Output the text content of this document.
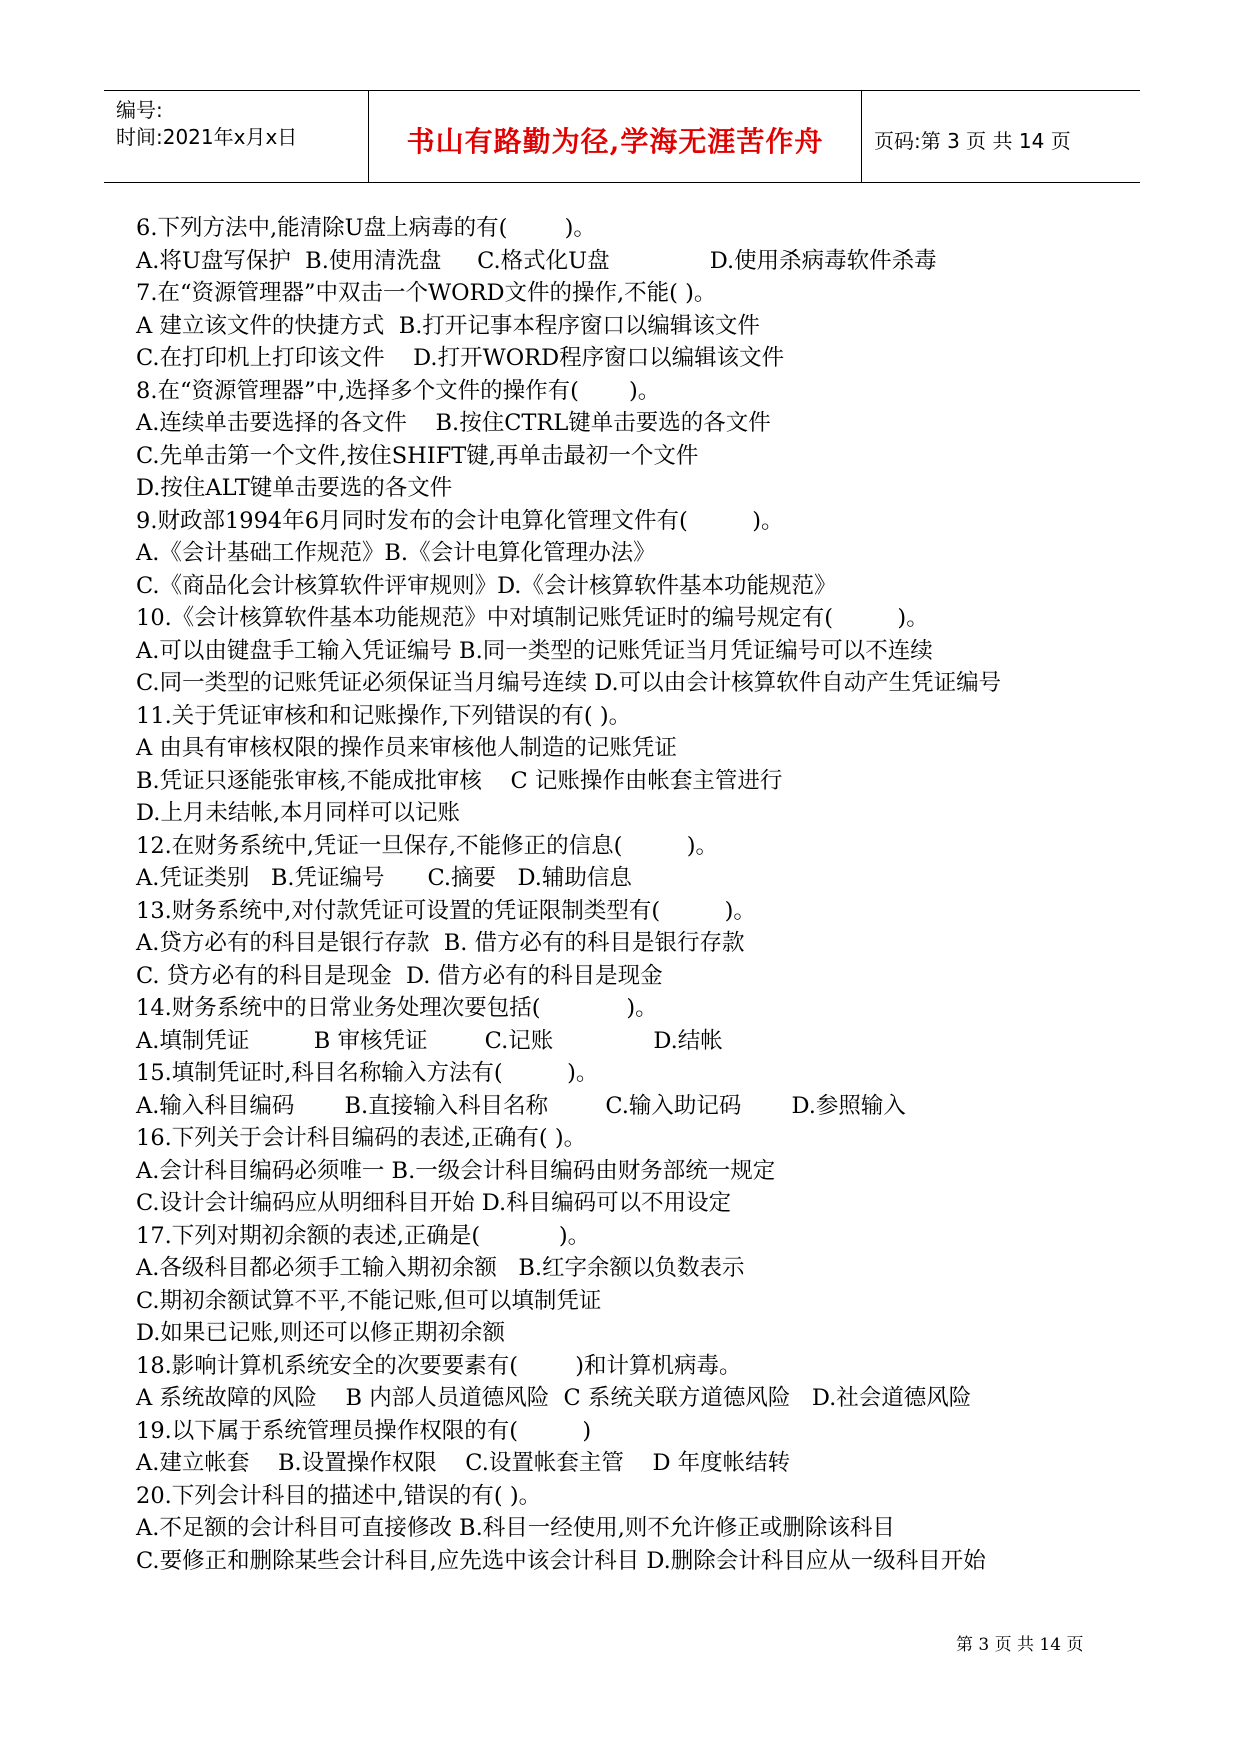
编号:
时间:2021年x月x日	书山有路勤为径,学海无涯苦作舟	页码:第 3 页 共 14 页
6.下列方法中,能清除U盘上病毒的有(        )。
A.将U盘写保护  B.使用清洗盘     C.格式化U盘              D.使用杀病毒软件杀毒
7.在“资源管理器”中双击一个WORD文件的操作,不能( )。
A 建立该文件的快捷方式  B.打开记事本程序窗口以编辑该文件
C.在打印机上打印该文件    D.打开WORD程序窗口以编辑该文件
8.在“资源管理器”中,选择多个文件的操作有(       )。
A.连续单击要选择的各文件    B.按住CTRL键单击要选的各文件
C.先单击第一个文件,按住SHIFT键,再单击最初一个文件
D.按住ALT键单击要选的各文件
9.财政部1994年6月同时发布的会计电算化管理文件有(         )。
A.《会计基础工作规范》B.《会计电算化管理办法》
C.《商品化会计核算软件评审规则》D.《会计核算软件基本功能规范》
10.《会计核算软件基本功能规范》中对填制记账凭证时的编号规定有(         )。
A.可以由键盘手工输入凭证编号 B.同一类型的记账凭证当月凭证编号可以不连续
C.同一类型的记账凭证必须保证当月编号连续 D.可以由会计核算软件自动产生凭证编号
11.关于凭证审核和和记账操作,下列错误的有( )。
A 由具有审核权限的操作员来审核他人制造的记账凭证
B.凭证只逐能张审核,不能成批审核    C 记账操作由帐套主管进行
D.上月未结帐,本月同样可以记账
12.在财务系统中,凭证一旦保存,不能修正的信息(         )。
A.凭证类别   B.凭证编号      C.摘要   D.辅助信息
13.财务系统中,对付款凭证可设置的凭证限制类型有(         )。
A.贷方必有的科目是银行存款  B. 借方必有的科目是银行存款
C. 贷方必有的科目是现金  D. 借方必有的科目是现金
14.财务系统中的日常业务处理次要包括(            )。
A.填制凭证         B 审核凭证        C.记账              D.结帐
15.填制凭证时,科目名称输入方法有(         )。
A.输入科目编码       B.直接输入科目名称        C.输入助记码       D.参照输入
16.下列关于会计科目编码的表述,正确有( )。
A.会计科目编码必须唯一 B.一级会计科目编码由财务部统一规定
C.设计会计编码应从明细科目开始 D.科目编码可以不用设定
17.下列对期初余额的表述,正确是(           )。
A.各级科目都必须手工输入期初余额   B.红字余额以负数表示
C.期初余额试算不平,不能记账,但可以填制凭证
D.如果已记账,则还可以修正期初余额
18.影响计算机系统安全的次要要素有(        )和计算机病毒。
A 系统故障的风险    B 内部人员道德风险  C 系统关联方道德风险   D.社会道德风险
19.以下属于系统管理员操作权限的有(         )
A.建立帐套    B.设置操作权限    C.设置帐套主管    D 年度帐结转
20.下列会计科目的描述中,错误的有( )。
A.不足额的会计科目可直接修改 B.科目一经使用,则不允许修正或删除该科目
C.要修正和删除某些会计科目,应先选中该会计科目 D.删除会计科目应从一级科目开始
第 3 页 共 14 页
